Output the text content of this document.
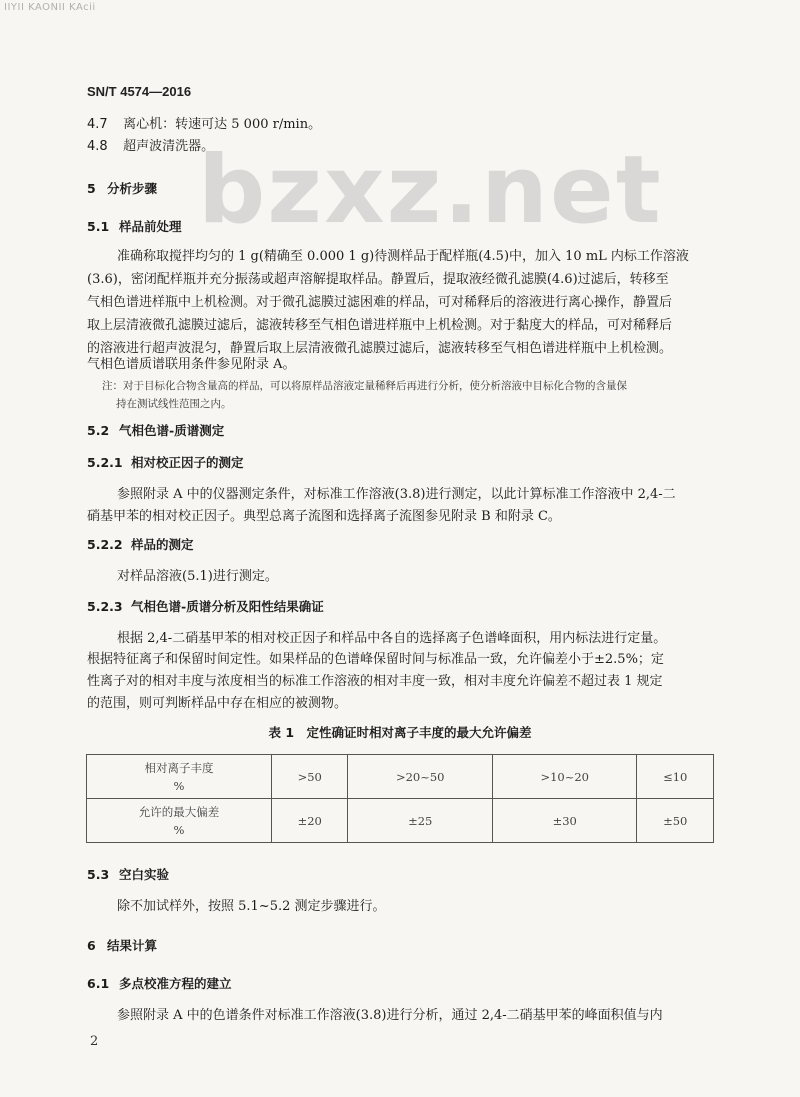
IIYII KAONII KAcii
SN/T 4574—2016
bzxz.net
4.7 离心机：转速可达 5 000 r/min。
4.8 超声波清洗器。
5 分析步骤
5.1 样品前处理
准确称取搅拌均匀的 1 g(精确至 0.000 1 g)待测样品于配样瓶(4.5)中，加入 10 mL 内标工作溶液
(3.6)，密闭配样瓶并充分振荡或超声溶解提取样品。静置后，提取液经微孔滤膜(4.6)过滤后，转移至
气相色谱进样瓶中上机检测。对于微孔滤膜过滤困难的样品，可对稀释后的溶液进行离心操作，静置后
取上层清液微孔滤膜过滤后，滤液转移至气相色谱进样瓶中上机检测。对于黏度大的样品，可对稀释后
的溶液进行超声波混匀，静置后取上层清液微孔滤膜过滤后，滤液转移至气相色谱进样瓶中上机检测。
气相色谱质谱联用条件参见附录 A。
注：对于目标化合物含量高的样品，可以将原样品溶液定量稀释后再进行分析，使分析溶液中目标化合物的含量保
持在测试线性范围之内。
5.2 气相色谱-质谱测定
5.2.1 相对校正因子的测定
参照附录 A 中的仪器测定条件，对标准工作溶液(3.8)进行测定，以此计算标准工作溶液中 2,4-二
硝基甲苯的相对校正因子。典型总离子流图和选择离子流图参见附录 B 和附录 C。
5.2.2 样品的测定
对样品溶液(5.1)进行测定。
5.2.3 气相色谱-质谱分析及阳性结果确证
根据 2,4-二硝基甲苯的相对校正因子和样品中各自的选择离子色谱峰面积，用内标法进行定量。
根据特征离子和保留时间定性。如果样品的色谱峰保留时间与标准品一致，允许偏差小于±2.5%；定
性离子对的相对丰度与浓度相当的标准工作溶液的相对丰度一致，相对丰度允许偏差不超过表 1 规定
的范围，则可判断样品中存在相应的被测物。
表 1　定性确证时相对离子丰度的最大允许偏差
相对离子丰度
%	>50	>20~50	>10~20	≤10

允许的最大偏差
%	±20	±25	±30	±50
5.3 空白实验
除不加试样外，按照 5.1~5.2 测定步骤进行。
6 结果计算
6.1 多点校准方程的建立
参照附录 A 中的色谱条件对标准工作溶液(3.8)进行分析，通过 2,4-二硝基甲苯的峰面积值与内
2
